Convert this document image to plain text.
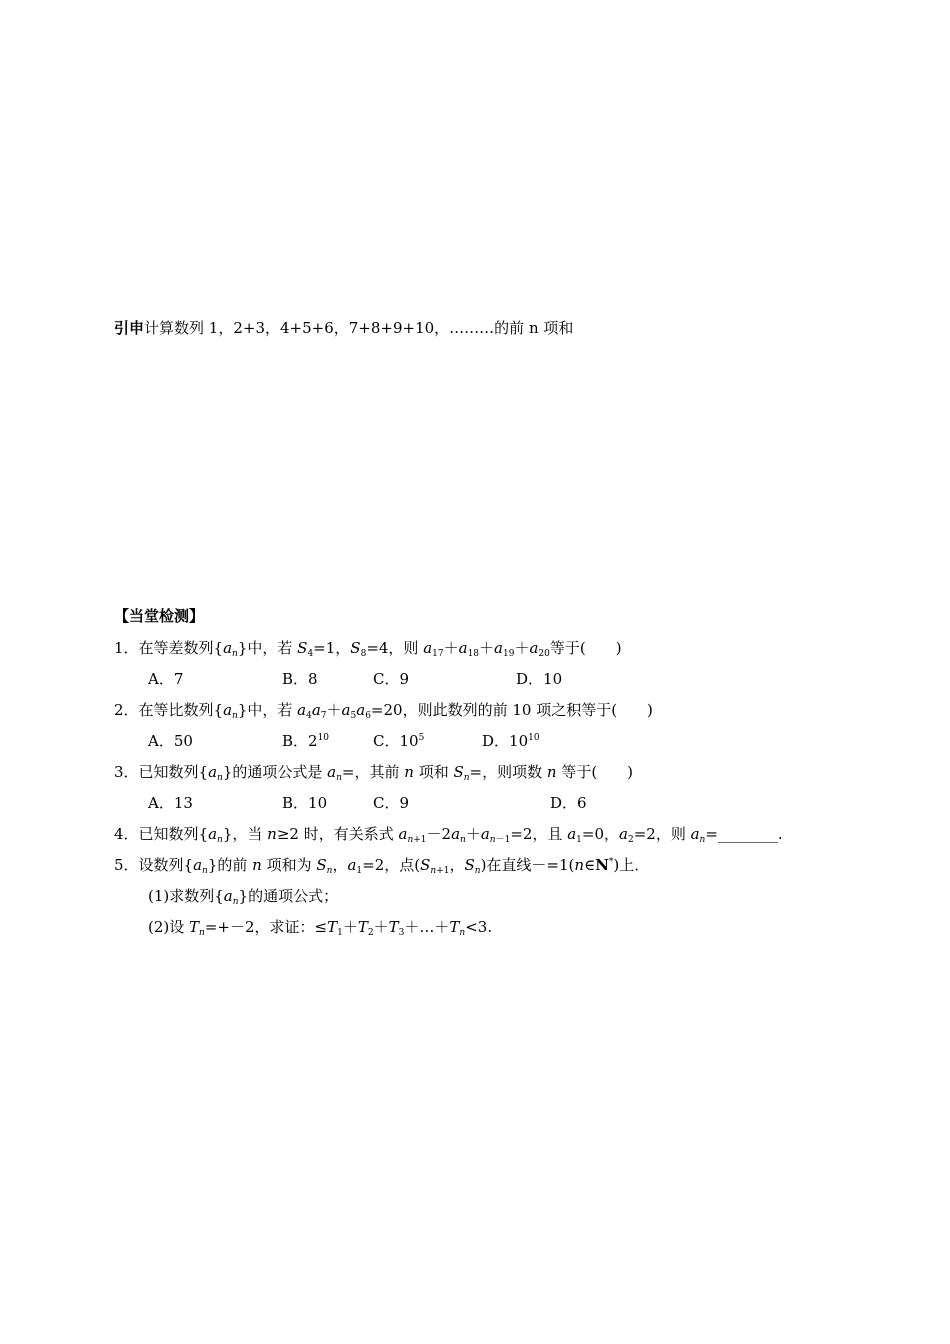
引申计算数列 1，2+3，4+5+6，7+8+9+10，………的前 n 项和
【当堂检测】
1．在等差数列$\{a_n\}$中，若 $S_4=1$，$S_8=4$，则 $a_{17}+a_{18}+a_{19}+a_{20}$等于(　　)
A．7	B．8	C．9	D．10
2．在等比数列$\{a_n\}$中，若 $a_4a_7+a_5a_6=20$，则此数列的前 10 项之积等于(　　)
A．50	B．$2^{10}$	C．$10^5$	D．$10^{10}$
3．已知数列$\{a_n\}$的通项公式是 $a_n=$，其前 n 项和 $S_n=$，则项数 n 等于(　　)
A．13	B．10	C．9	D．6
4．已知数列$\{a_n\}$，当 n≥2 时，有关系式 $a_{n+1}-2a_n+a_{n-1}=2$，且 $a_1=0$，$a_2=2$，则 $a_n=\_\_\_\_\_\_\_\_$.
5．设数列$\{a_n\}$的前 n 项和为 $S_n$，$a_1=2$，点($S_{n+1}$，$S_n$)在直线－=1(n∈N*)上．
(1)求数列$\{a_n\}$的通项公式；
(2)设 $T_n=+-2$，求证：$\le T_1+T_2+T_3+\dots+T_n<3$.
